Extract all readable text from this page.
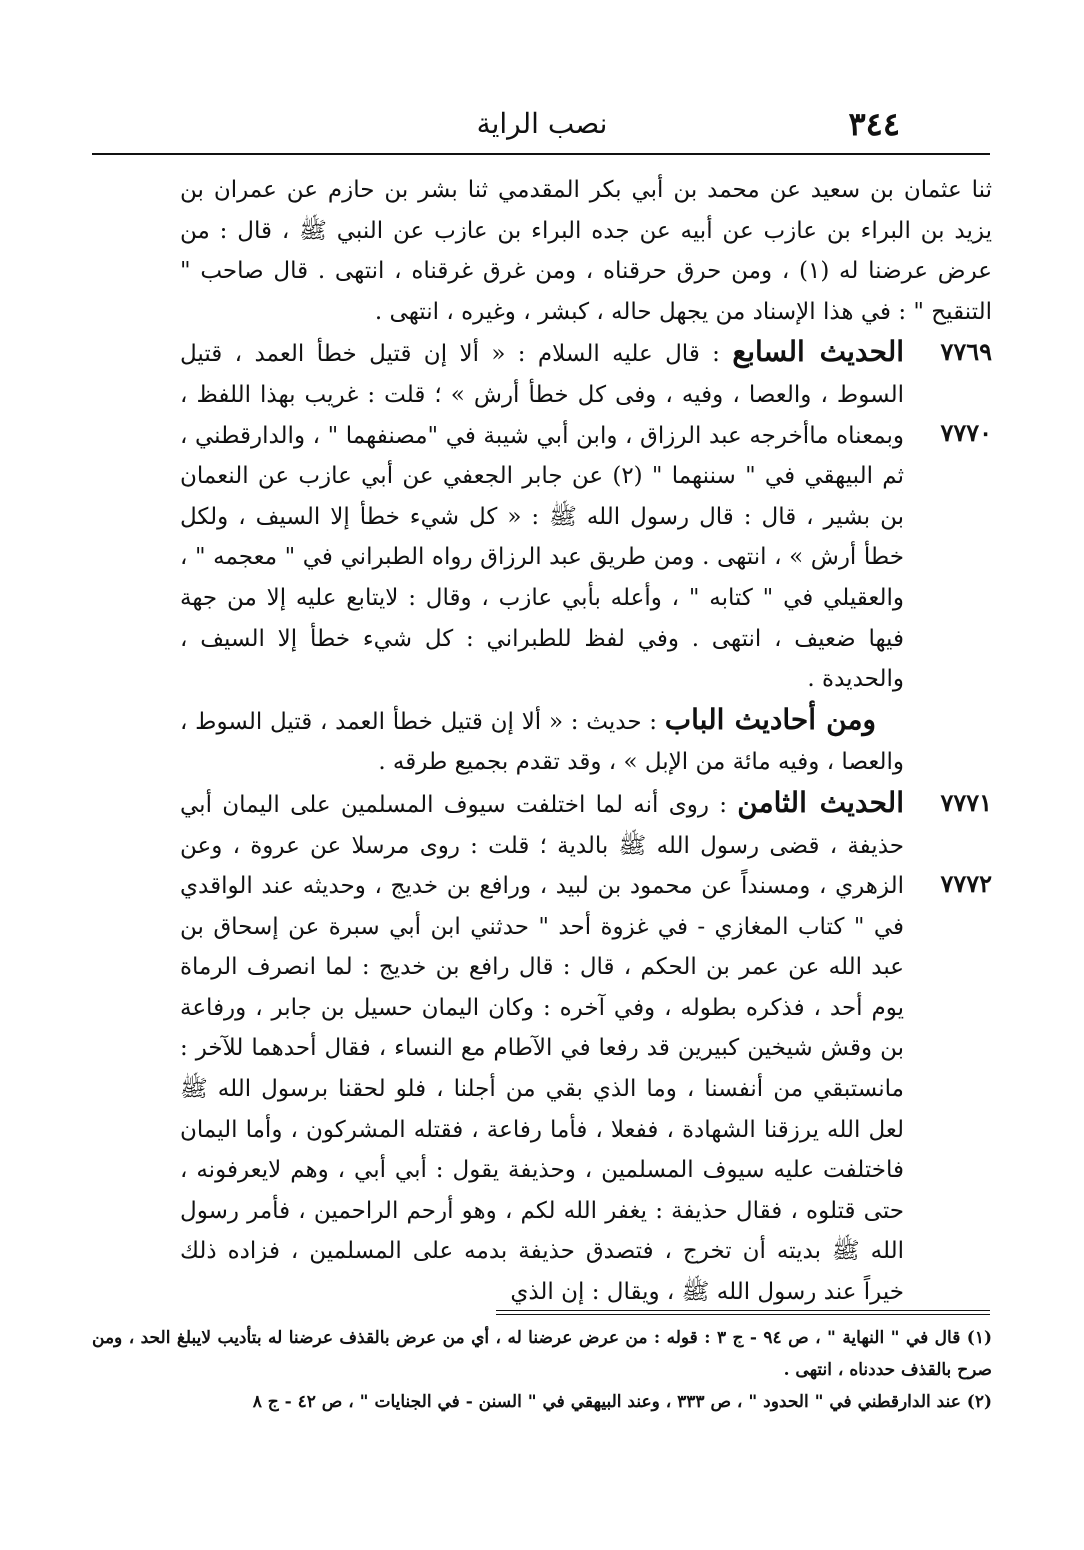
٣٤٤
نصب الراية

ثنا عثمان بن سعيد عن محمد بن أبي بكر المقدمي ثنا بشر بن حازم عن عمران بن يزيد بن البراء بن عازب عن أبيه عن جده البراء بن عازب عن النبي ﷺ ، قال : من عرض عرضنا له (١) ، ومن حرق حرقناه ، ومن غرق غرقناه ، انتهى . قال صاحب " التنقيح " : في هذا الإسناد من يجهل حاله ، كبشر ، وغيره ، انتهى .

٧٧٦٩
٧٧٧٠

الحديث السابع : قال عليه السلام : « ألا إن قتيل خطأ العمد ، قتيل السوط ، والعصا ، وفيه ، وفى كل خطأ أرش » ؛ قلت : غريب بهذا اللفظ ، وبمعناه ماأخرجه عبد الرزاق ، وابن أبي شيبة في "مصنفهما " ، والدارقطني ، ثم البيهقي في " سننهما " (٢) عن جابر الجعفي عن أبي عازب عن النعمان بن بشير ، قال : قال رسول الله ﷺ : « كل شيء خطأ إلا السيف ، ولكل خطأ أرش » ، انتهى . ومن طريق عبد الرزاق رواه الطبراني في " معجمه " ، والعقيلي في " كتابه " ، وأعله بأبي عازب ، وقال : لايتابع عليه إلا من جهة فيها ضعيف ، انتهى . وفي لفظ للطبراني : كل شيء خطأ إلا السيف ، والحديدة .

ومن أحاديث الباب : حديث : « ألا إن قتيل خطأ العمد ، قتيل السوط ، والعصا ، وفيه مائة من الإبل » ، وقد تقدم بجميع طرقه .

٧٧٧١
٧٧٧٢

الحديث الثامن : روى أنه لما اختلفت سيوف المسلمين على اليمان أبي حذيفة ، قضى رسول الله ﷺ بالدية ؛ قلت : روى مرسلا عن عروة ، وعن الزهري ، ومسنداً عن محمود بن لبيد ، ورافع بن خديج ، وحديثه عند الواقدي في " كتاب المغازي - في غزوة أحد " حدثني ابن أبي سبرة عن إسحاق بن عبد الله عن عمر بن الحكم ، قال : قال رافع بن خديج : لما انصرف الرماة يوم أحد ، فذكره بطوله ، وفي آخره : وكان اليمان حسيل بن جابر ، ورفاعة بن وقش شيخين كبيرين قد رفعا في الآطام مع النساء ، فقال أحدهما للآخر : مانستبقي من أنفسنا ، وما الذي بقي من أجلنا ، فلو لحقنا برسول الله ﷺ لعل الله يرزقنا الشهادة ، ففعلا ، فأما رفاعة ، فقتله المشركون ، وأما اليمان فاختلفت عليه سيوف المسلمين ، وحذيفة يقول : أبي أبي ، وهم لايعرفونه ، حتى قتلوه ، فقال حذيفة : يغفر الله لكم ، وهو أرحم الراحمين ، فأمر رسول الله ﷺ بديته أن تخرج ، فتصدق حذيفة بدمه على المسلمين ، فزاده ذلك خيراً عند رسول الله ﷺ ، ويقال : إن الذي

(١) قال في " النهاية " ، ص ٩٤ - ج ٣ : قوله : من عرض عرضنا له ، أي من عرض بالقذف عرضنا له بتأديب لايبلغ الحد ، ومن صرح بالقذف حددناه ، انتهى .

(٢) عند الدارقطني في " الحدود " ، ص ٣٣٣ ، وعند البيهقي في " السنن - في الجنايات " ، ص ٤٢ - ج ٨
